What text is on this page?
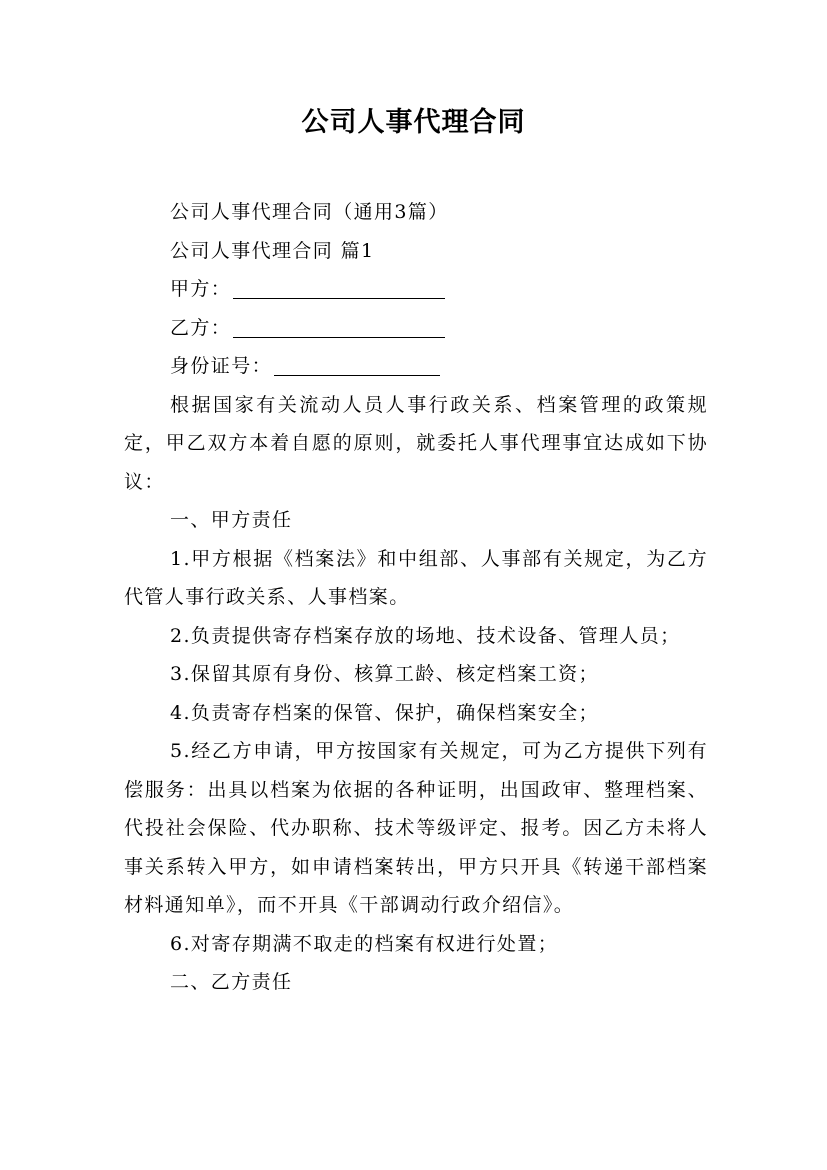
公司人事代理合同

公司人事代理合同（通用3篇）

公司人事代理合同 篇1

甲方：

乙方：

身份证号：

根据国家有关流动人员人事行政关系、档案管理的政策规定，甲乙双方本着自愿的原则，就委托人事代理事宜达成如下协议：

一、甲方责任

1.甲方根据《档案法》和中组部、人事部有关规定，为乙方代管人事行政关系、人事档案。

2.负责提供寄存档案存放的场地、技术设备、管理人员；

3.保留其原有身份、核算工龄、核定档案工资；

4.负责寄存档案的保管、保护，确保档案安全；

5.经乙方申请，甲方按国家有关规定，可为乙方提供下列有偿服务：出具以档案为依据的各种证明，出国政审、整理档案、代投社会保险、代办职称、技术等级评定、报考。因乙方未将人事关系转入甲方，如申请档案转出，甲方只开具《转递干部档案材料通知单》，而不开具《干部调动行政介绍信》。

6.对寄存期满不取走的档案有权进行处置；

二、乙方责任
